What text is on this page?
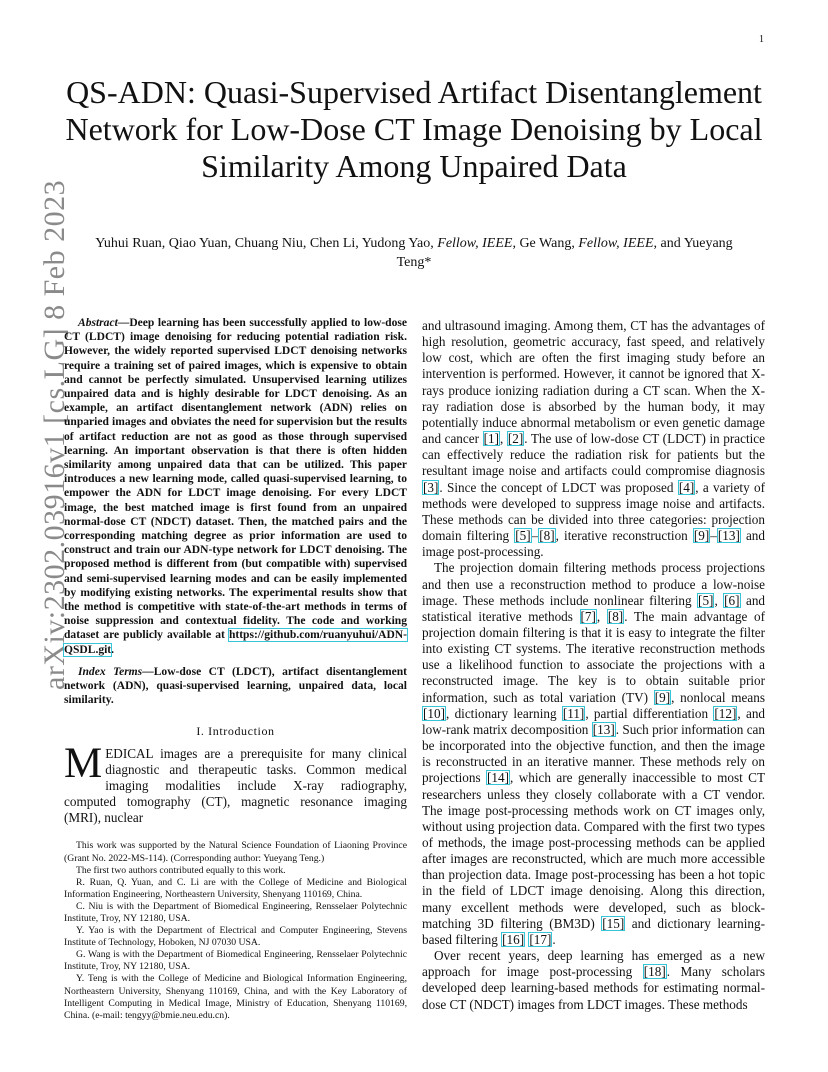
1
arXiv:2302.03916v1 [cs.LG] 8 Feb 2023
QS-ADN: Quasi-Supervised Artifact Disentanglement Network for Low-Dose CT Image Denoising by Local Similarity Among Unpaired Data
Yuhui Ruan, Qiao Yuan, Chuang Niu, Chen Li, Yudong Yao, Fellow, IEEE, Ge Wang, Fellow, IEEE, and Yueyang Teng*

Abstract—Deep learning has been successfully applied to low-dose CT (LDCT) image denoising for reducing potential radiation risk. However, the widely reported supervised LDCT denoising networks require a training set of paired images, which is expensive to obtain and cannot be perfectly simulated. Unsupervised learning utilizes unpaired data and is highly desirable for LDCT denoising. As an example, an artifact disentanglement network (ADN) relies on unparied images and obviates the need for supervision but the results of artifact reduction are not as good as those through supervised learning. An important observation is that there is often hidden similarity among unpaired data that can be utilized. This paper introduces a new learning mode, called quasi-supervised learning, to empower the ADN for LDCT image denoising. For every LDCT image, the best matched image is first found from an unpaired normal-dose CT (NDCT) dataset. Then, the matched pairs and the corresponding matching degree as prior information are used to construct and train our ADN-type network for LDCT denoising. The proposed method is different from (but compatible with) supervised and semi-supervised learning modes and can be easily implemented by modifying existing networks. The experimental results show that the method is competitive with state-of-the-art methods in terms of noise suppression and contextual fidelity. The code and working dataset are publicly available at https://github.com/ruanyuhui/ADN-QSDL.git.

Index Terms—Low-dose CT (LDCT), artifact disentanglement network (ADN), quasi-supervised learning, unpaired data, local similarity.

I. Introduction

MEDICAL images are a prerequisite for many clinical diagnostic and therapeutic tasks. Common medical imaging modalities include X-ray radiography, computed tomography (CT), magnetic resonance imaging (MRI), nuclear

This work was supported by the Natural Science Foundation of Liaoning Province (Grant No. 2022-MS-114). (Corresponding author: Yueyang Teng.)

The first two authors contributed equally to this work.

R. Ruan, Q. Yuan, and C. Li are with the College of Medicine and Biological Information Engineering, Northeastern University, Shenyang 110169, China.

C. Niu is with the Department of Biomedical Engineering, Rensselaer Polytechnic Institute, Troy, NY 12180, USA.

Y. Yao is with the Department of Electrical and Computer Engineering, Stevens Institute of Technology, Hoboken, NJ 07030 USA.

G. Wang is with the Department of Biomedical Engineering, Rensselaer Polytechnic Institute, Troy, NY 12180, USA.

Y. Teng is with the College of Medicine and Biological Information Engineering, Northeastern University, Shenyang 110169, China, and with the Key Laboratory of Intelligent Computing in Medical Image, Ministry of Education, Shenyang 110169, China. (e-mail: tengyy@bmie.neu.edu.cn).

and ultrasound imaging. Among them, CT has the advantages of high resolution, geometric accuracy, fast speed, and relatively low cost, which are often the first imaging study before an intervention is performed. However, it cannot be ignored that X-rays produce ionizing radiation during a CT scan. When the X-ray radiation dose is absorbed by the human body, it may potentially induce abnormal metabolism or even genetic damage and cancer [1], [2]. The use of low-dose CT (LDCT) in practice can effectively reduce the radiation risk for patients but the resultant image noise and artifacts could compromise diagnosis [3]. Since the concept of LDCT was proposed [4], a variety of methods were developed to suppress image noise and artifacts. These methods can be divided into three categories: projection domain filtering [5]–[8], iterative reconstruction [9]–[13] and image post-processing.

The projection domain filtering methods process projections and then use a reconstruction method to produce a low-noise image. These methods include nonlinear filtering [5], [6] and statistical iterative methods [7], [8]. The main advantage of projection domain filtering is that it is easy to integrate the filter into existing CT systems. The iterative reconstruction methods use a likelihood function to associate the projections with a reconstructed image. The key is to obtain suitable prior information, such as total variation (TV) [9], nonlocal means [10], dictionary learning [11], partial differentiation [12], and low-rank matrix decomposition [13]. Such prior information can be incorporated into the objective function, and then the image is reconstructed in an iterative manner. These methods rely on projections [14], which are generally inaccessible to most CT researchers unless they closely collaborate with a CT vendor. The image post-processing methods work on CT images only, without using projection data. Compared with the first two types of methods, the image post-processing methods can be applied after images are reconstructed, which are much more accessible than projection data. Image post-processing has been a hot topic in the field of LDCT image denoising. Along this direction, many excellent methods were developed, such as block-matching 3D filtering (BM3D) [15] and dictionary learning-based filtering [16] [17].

Over recent years, deep learning has emerged as a new approach for image post-processing [18]. Many scholars developed deep learning-based methods for estimating normal-dose CT (NDCT) images from LDCT images. These methods
